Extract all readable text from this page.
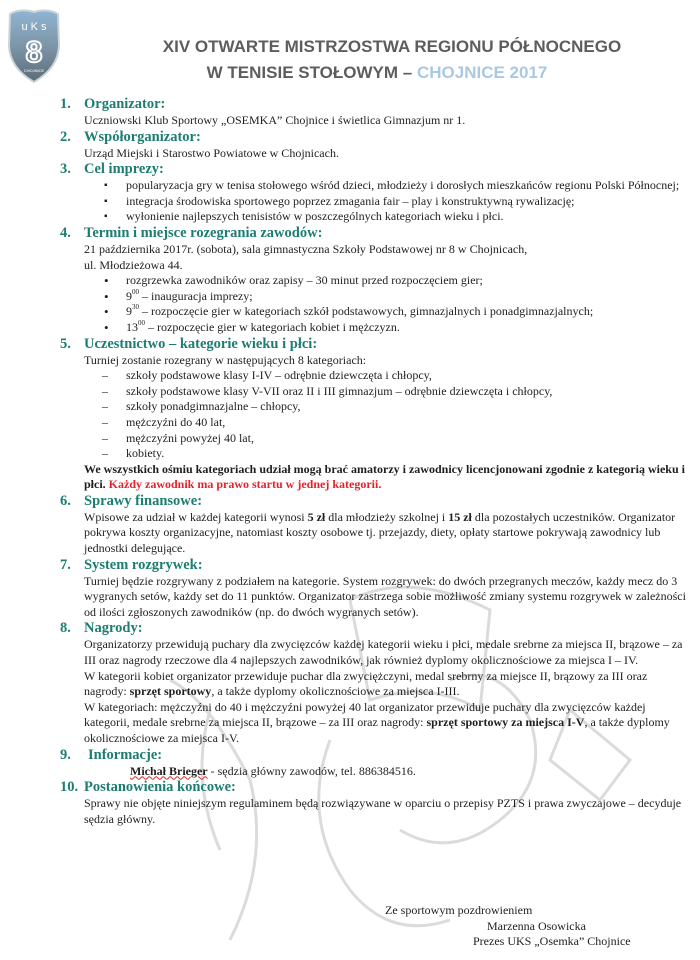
u K s
8
CHOJNICE
XIV OTWARTE MISTRZOSTWA REGIONU PÓŁNOCNEGO
W TENISIE STOŁOWYM – CHOJNICE 2017
1. Organizator:
Uczniowski Klub Sportowy „OSEMKA” Chojnice i świetlica Gimnazjum nr 1.
2. Współorganizator:
Urząd Miejski i Starostwo Powiatowe w Chojnicach.
3. Cel imprezy:
▪ popularyzacja gry w tenisa stołowego wśród dzieci, młodzieży i dorosłych mieszkańców regionu Polski Północnej;
▪ integracja środowiska sportowego poprzez zmagania fair – play i konstruktywną rywalizację;
▪ wyłonienie najlepszych tenisistów w poszczególnych kategoriach wieku i płci.
4. Termin i miejsce rozegrania zawodów:
21 października 2017r. (sobota), sala gimnastyczna Szkoły Podstawowej nr 8 w Chojnicach,
ul. Młodzieżowa 44.
• rozgrzewka zawodników oraz zapisy – 30 minut przed rozpoczęciem gier;
• $9^{00}$ – inauguracja imprezy;
• $9^{30}$ – rozpoczęcie gier w kategoriach szkół podstawowych, gimnazjalnych i ponadgimnazjalnych;
• $13^{00}$ – rozpoczęcie gier w kategoriach kobiet i mężczyzn.
5. Uczestnictwo – kategorie wieku i płci:
Turniej zostanie rozegrany w następujących 8 kategoriach:
– szkoły podstawowe klasy I-IV – odrębnie dziewczęta i chłopcy,
– szkoły podstawowe klasy V-VII oraz II i III gimnazjum – odrębnie dziewczęta i chłopcy,
– szkoły ponadgimnazjalne – chłopcy,
– mężczyźni do 40 lat,
– mężczyźni powyżej 40 lat,
– kobiety.
We wszystkich ośmiu kategoriach udział mogą brać amatorzy i zawodnicy licencjonowani zgodnie z kategorią wieku i płci. Każdy zawodnik ma prawo startu w jednej kategorii.
6. Sprawy finansowe:
Wpisowe za udział w każdej kategorii wynosi 5 zł dla młodzieży szkolnej i 15 zł dla pozostałych uczestników. Organizator pokrywa koszty organizacyjne, natomiast koszty osobowe tj. przejazdy, diety, opłaty startowe pokrywają zawodnicy lub jednostki delegujące.
7. System rozgrywek:
Turniej będzie rozgrywany z podziałem na kategorie. System rozgrywek: do dwóch przegranych meczów, każdy mecz do 3 wygranych setów, każdy set do 11 punktów. Organizator zastrzega sobie możliwość zmiany systemu rozgrywek w zależności od ilości zgłoszonych zawodników (np. do dwóch wygranych setów).
8. Nagrody:
Organizatorzy przewidują puchary dla zwycięzców każdej kategorii wieku i płci, medale srebrne za miejsca II, brązowe – za III oraz nagrody rzeczowe dla 4 najlepszych zawodników, jak również dyplomy okolicznościowe za miejsca I – IV.
W kategorii kobiet organizator przewiduje puchar dla zwyciężczyni, medal srebrny za miejsce II, brązowy za III oraz nagrody: sprzęt sportowy, a także dyplomy okolicznościowe za miejsca I-III.
W kategoriach: mężczyźni do 40 i mężczyźni powyżej 40 lat organizator przewiduje puchary dla zwycięzców każdej kategorii, medale srebrne za miejsca II, brązowe – za III oraz nagrody: sprzęt sportowy za miejsca I-V, a także dyplomy okolicznościowe za miejsca I-V.
9.	Informacje:
Michał Brieger - sędzia główny zawodów, tel. 886384516.
10. Postanowienia końcowe:
Sprawy nie objęte niniejszym regulaminem będą rozwiązywane w oparciu o przepisy PZTS i prawa zwyczajowe – decyduje sędzia główny.
Ze sportowym pozdrowieniem
Marzenna Osowicka
Prezes UKS „Osemka” Chojnice
